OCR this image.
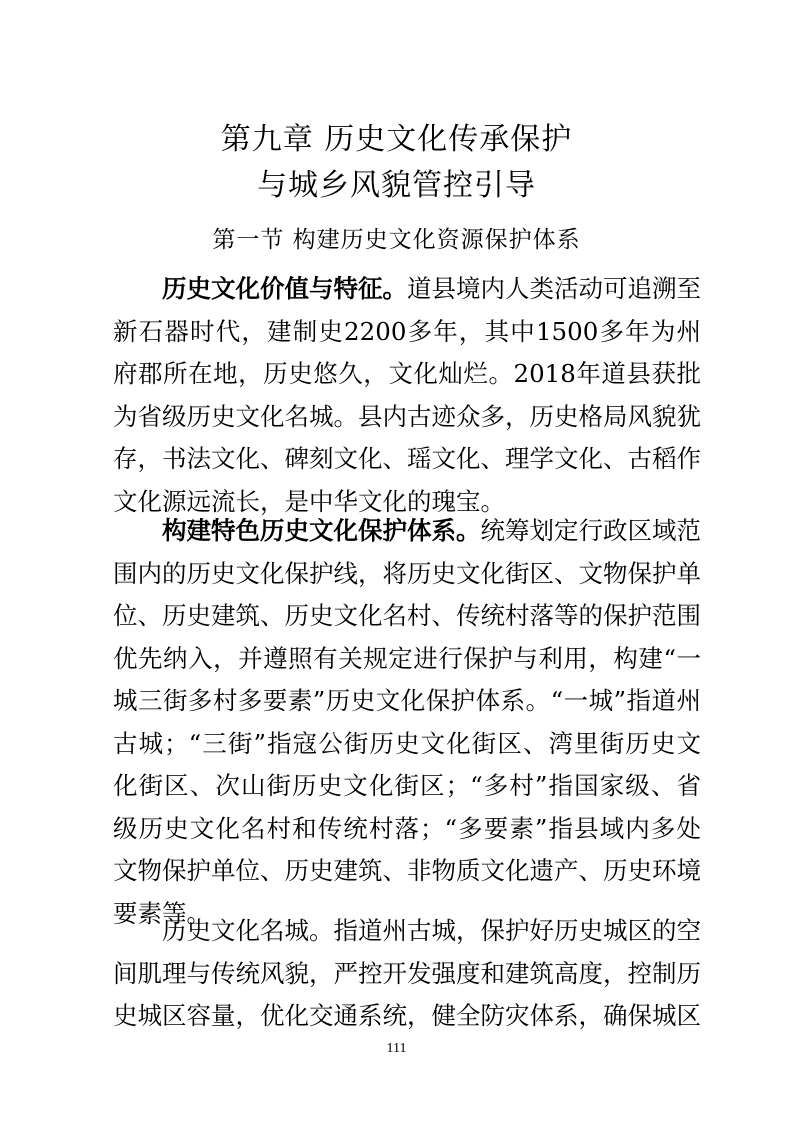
第九章 历史文化传承保护
与城乡风貌管控引导
第一节 构建历史文化资源保护体系

历史文化价值与特征。道县境内人类活动可追溯至新石器时代，建制史2200多年，其中1500多年为州府郡所在地，历史悠久，文化灿烂。2018年道县获批为省级历史文化名城。县内古迹众多，历史格局风貌犹存，书法文化、碑刻文化、瑶文化、理学文化、古稻作文化源远流长，是中华文化的瑰宝。

构建特色历史文化保护体系。统筹划定行政区域范围内的历史文化保护线，将历史文化街区、文物保护单位、历史建筑、历史文化名村、传统村落等的保护范围优先纳入，并遵照有关规定进行保护与利用，构建“一城三街多村多要素”历史文化保护体系。“一城”指道州古城；“三街”指寇公街历史文化街区、湾里街历史文化街区、次山街历史文化街区；“多村”指国家级、省级历史文化名村和传统村落；“多要素”指县域内多处文物保护单位、历史建筑、非物质文化遗产、历史环境要素等。

历史文化名城。指道州古城，保护好历史城区的空间肌理与传统风貌，严控开发强度和建筑高度，控制历史城区容量，优化交通系统，健全防灾体系，确保城区

111
